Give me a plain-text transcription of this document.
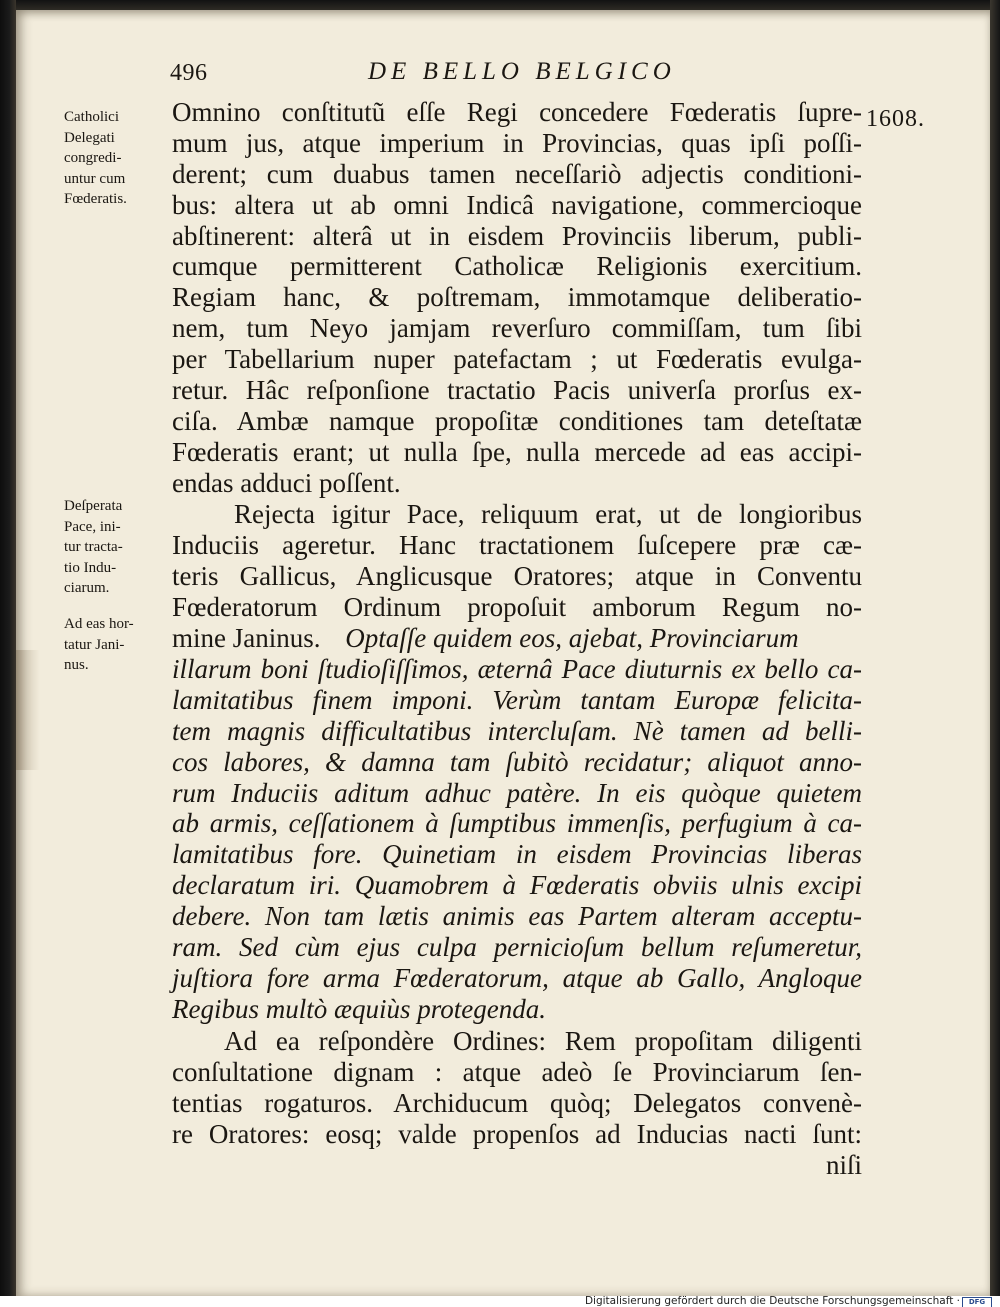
496	DE BELLO BELGICO
1608.
Catholici
Delegati
congredi-
untur cum
Fœderatis.
Deſperata
Pace, ini-
tur tracta-
tio Indu-
ciarum.
Ad eas hor-
tatur Jani-
nus.
Omnino conſtitutũ eſſe Regi concedere Fœderatis ſupre-
mum jus, atque imperium in Provincias, quas ipſi poſſi-
derent; cum duabus tamen neceſſariò adjectis conditioni-
bus: altera ut ab omni Indicâ navigatione, commercioque
abſtinerent: alterâ ut in eisdem Provinciis liberum, publi-
cumque permitterent Catholicæ Religionis exercitium.
Regiam hanc, & poſtremam, immotamque deliberatio-
nem, tum Neyo jamjam reverſuro commiſſam, tum ſibi
per Tabellarium nuper patefactam ; ut Fœderatis evulga-
retur. Hâc reſponſione tractatio Pacis univerſa prorſus ex-
ciſa. Ambæ namque propoſitæ conditiones tam deteſtatæ
Fœderatis erant; ut nulla ſpe, nulla mercede ad eas accipi-
endas adduci poſſent.
Rejecta igitur Pace, reliquum erat, ut de longioribus
Induciis ageretur. Hanc tractationem ſuſcepere præ cæ-
teris Gallicus, Anglicusque Oratores; atque in Conventu
Fœderatorum Ordinum propoſuit amborum Regum no-
mine Janinus. Optaſſe quidem eos, ajebat, Provinciarum
illarum boni ſtudioſiſſimos, æternâ Pace diuturnis ex bello ca-
lamitatibus finem imponi. Verùm tantam Europæ felicita-
tem magnis difficultatibus intercluſam. Nè tamen ad belli-
cos labores, & damna tam ſubitò recidatur; aliquot anno-
rum Induciis aditum adhuc patère. In eis quòque quietem
ab armis, ceſſationem à ſumptibus immenſis, perfugium à ca-
lamitatibus fore. Quinetiam in eisdem Provincias liberas
declaratum iri. Quamobrem à Fœderatis obviis ulnis excipi
debere. Non tam lætis animis eas Partem alteram acceptu-
ram. Sed cùm ejus culpa pernicioſum bellum reſumeretur,
juſtiora fore arma Fœderatorum, atque ab Gallo, Angloque
Regibus multò æquiùs protegenda.
Ad ea reſpondère Ordines: Rem propoſitam diligenti
conſultatione dignam : atque adeò ſe Provinciarum ſen-
tentias rogaturos. Archiducum quòq; Delegatos convenè-
re Oratores: eosq; valde propenſos ad Inducias nacti ſunt:
niſi
Digitalisierung gefördert durch die Deutsche Forschungsgemeinschaft ·	DFG
